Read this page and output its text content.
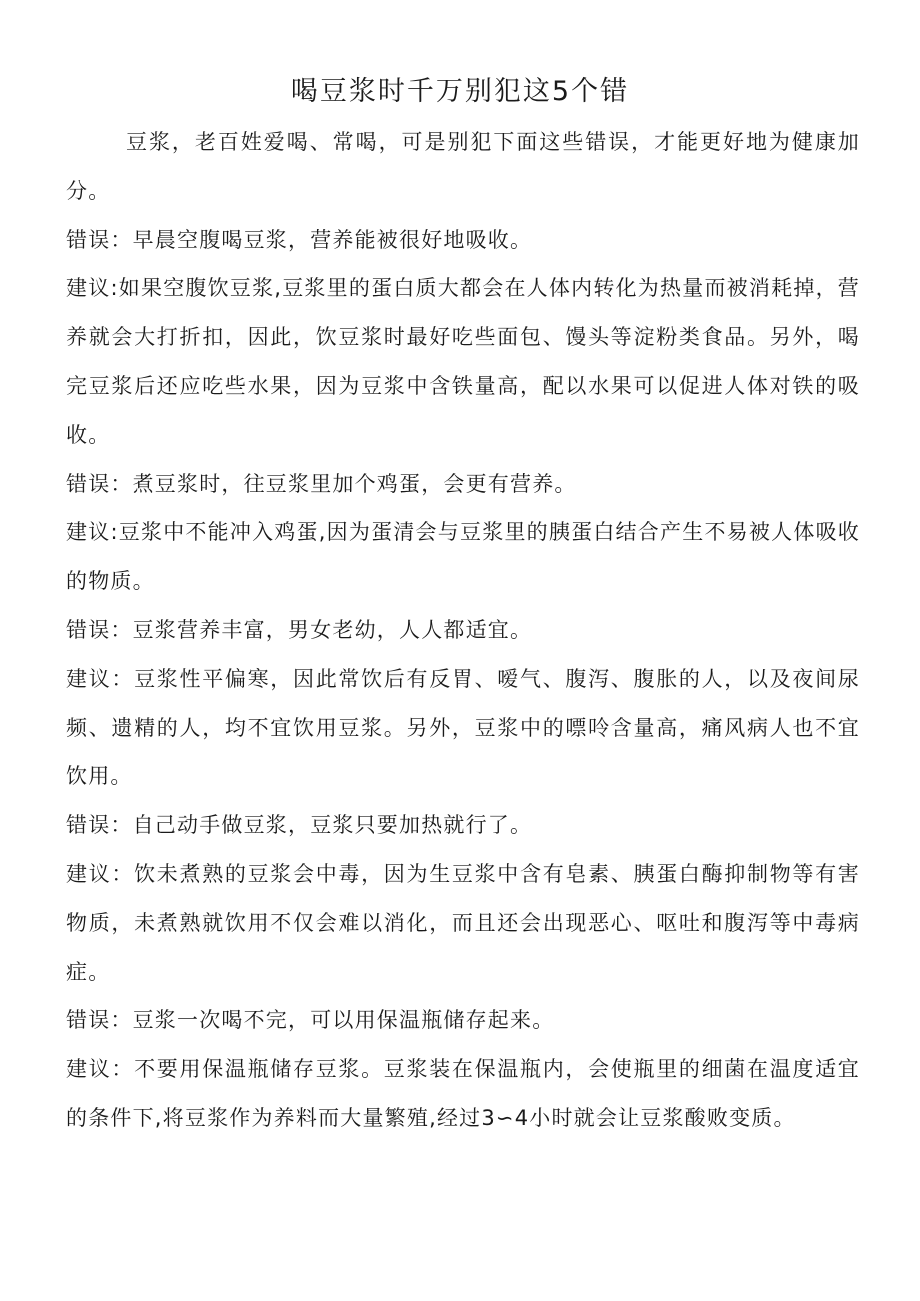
喝豆浆时千万别犯这5个错

豆浆，老百姓爱喝、常喝，可是别犯下面这些错误，才能更好地为健康加分。

错误：早晨空腹喝豆浆，营养能被很好地吸收。

建议:如果空腹饮豆浆,豆浆里的蛋白质大都会在人体内转化为热量而被消耗掉，营养就会大打折扣，因此，饮豆浆时最好吃些面包、馒头等淀粉类食品。另外，喝完豆浆后还应吃些水果，因为豆浆中含铁量高，配以水果可以促进人体对铁的吸收。

错误：煮豆浆时，往豆浆里加个鸡蛋，会更有营养。

建议:豆浆中不能冲入鸡蛋,因为蛋清会与豆浆里的胰蛋白结合产生不易被人体吸收的物质。

错误：豆浆营养丰富，男女老幼，人人都适宜。

建议：豆浆性平偏寒，因此常饮后有反胃、嗳气、腹泻、腹胀的人，以及夜间尿频、遗精的人，均不宜饮用豆浆。另外，豆浆中的嘌呤含量高，痛风病人也不宜饮用。

错误：自己动手做豆浆，豆浆只要加热就行了。

建议：饮未煮熟的豆浆会中毒，因为生豆浆中含有皂素、胰蛋白酶抑制物等有害物质，未煮熟就饮用不仅会难以消化，而且还会出现恶心、呕吐和腹泻等中毒病症。

错误：豆浆一次喝不完，可以用保温瓶储存起来。

建议：不要用保温瓶储存豆浆。豆浆装在保温瓶内，会使瓶里的细菌在温度适宜的条件下,将豆浆作为养料而大量繁殖,经过3∽4小时就会让豆浆酸败变质。
